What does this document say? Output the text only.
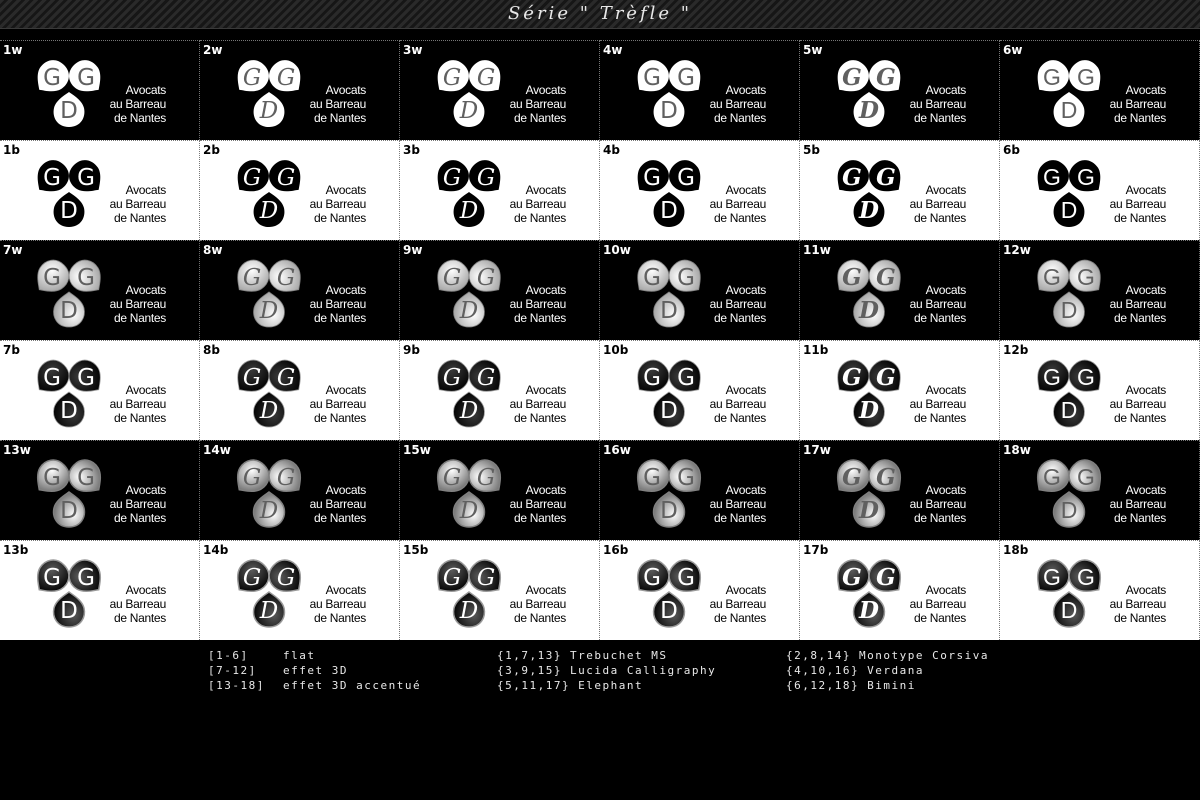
Série " Trèfle "
1w
G G
D
Avocats
au Barreau
de Nantes
2w
G G
D
Avocats
au Barreau
de Nantes
3w
G G
D
Avocats
au Barreau
de Nantes
4w
G G
D
Avocats
au Barreau
de Nantes
5w
G G
D
Avocats
au Barreau
de Nantes
6w
G G
D
Avocats
au Barreau
de Nantes
1b
G G
D
Avocats
au Barreau
de Nantes
2b
G G
D
Avocats
au Barreau
de Nantes
3b
G G
D
Avocats
au Barreau
de Nantes
4b
G G
D
Avocats
au Barreau
de Nantes
5b
G G
D
Avocats
au Barreau
de Nantes
6b
G G
D
Avocats
au Barreau
de Nantes
7w
G G
D
Avocats
au Barreau
de Nantes
8w
G G
D
Avocats
au Barreau
de Nantes
9w
G G
D
Avocats
au Barreau
de Nantes
10w
G G
D
Avocats
au Barreau
de Nantes
11w
G G
D
Avocats
au Barreau
de Nantes
12w
G G
D
Avocats
au Barreau
de Nantes
7b
G G
D
Avocats
au Barreau
de Nantes
8b
G G
D
Avocats
au Barreau
de Nantes
9b
G G
D
Avocats
au Barreau
de Nantes
10b
G G
D
Avocats
au Barreau
de Nantes
11b
G G
D
Avocats
au Barreau
de Nantes
12b
G G
D
Avocats
au Barreau
de Nantes
13w
G G
D
Avocats
au Barreau
de Nantes
14w
G G
D
Avocats
au Barreau
de Nantes
15w
G G
D
Avocats
au Barreau
de Nantes
16w
G G
D
Avocats
au Barreau
de Nantes
17w
G G
D
Avocats
au Barreau
de Nantes
18w
G G
D
Avocats
au Barreau
de Nantes
13b
G G
D
Avocats
au Barreau
de Nantes
14b
G G
D
Avocats
au Barreau
de Nantes
15b
G G
D
Avocats
au Barreau
de Nantes
16b
G G
D
Avocats
au Barreau
de Nantes
17b
G G
D
Avocats
au Barreau
de Nantes
18b
G G
D
Avocats
au Barreau
de Nantes
[1-6]	flat
[7-12] effet 3D
[13-18] effet 3D accentué
{1,7,13} Trebuchet MS
{3,9,15} Lucida Calligraphy
{5,11,17} Elephant
{2,8,14} Monotype Corsiva
{4,10,16} Verdana
{6,12,18} Bimini
